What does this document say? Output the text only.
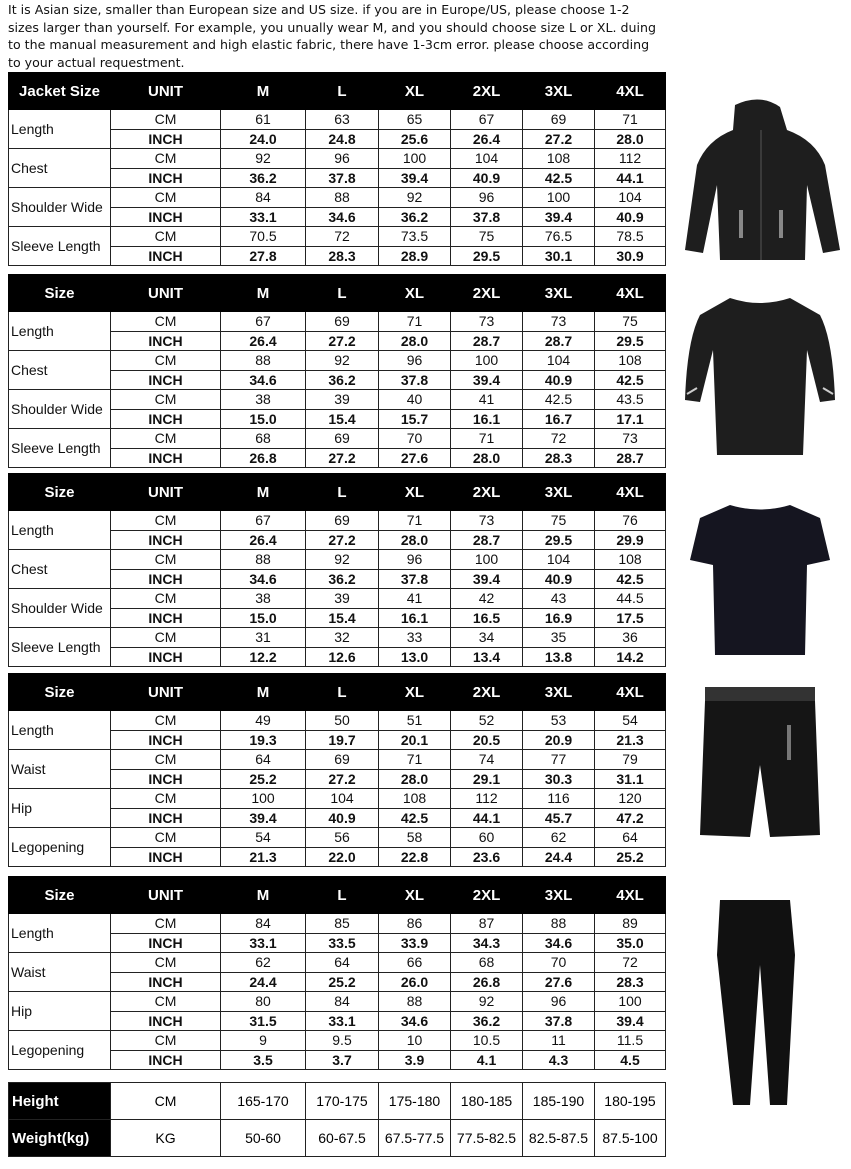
It is Asian size, smaller than European size and US size. if you are in Europe/US, please choose 1-2 sizes larger than yourself. For example, you unually wear M, and you should choose size L or XL. duing to the manual measurement and high elastic fabric, there have 1-3cm error. please choose according to your actual requestment.
Jacket Size	UNIT	M	L	XL	2XL	3XL	4XL
Length	CM	61	63	65	67	69	71
	INCH	24.0	24.8	25.6	26.4	27.2	28.0
Chest	CM	92	96	100	104	108	112
	INCH	36.2	37.8	39.4	40.9	42.5	44.1
Shoulder Wide	CM	84	88	92	96	100	104
	INCH	33.1	34.6	36.2	37.8	39.4	40.9
Sleeve Length	CM	70.5	72	73.5	75	76.5	78.5
	INCH	27.8	28.3	28.9	29.5	30.1	30.9
Size	UNIT	M	L	XL	2XL	3XL	4XL
Length	CM	67	69	71	73	73	75
	INCH	26.4	27.2	28.0	28.7	28.7	29.5
Chest	CM	88	92	96	100	104	108
	INCH	34.6	36.2	37.8	39.4	40.9	42.5
Shoulder Wide	CM	38	39	40	41	42.5	43.5
	INCH	15.0	15.4	15.7	16.1	16.7	17.1
Sleeve Length	CM	68	69	70	71	72	73
	INCH	26.8	27.2	27.6	28.0	28.3	28.7
Size	UNIT	M	L	XL	2XL	3XL	4XL
Length	CM	67	69	71	73	75	76
	INCH	26.4	27.2	28.0	28.7	29.5	29.9
Chest	CM	88	92	96	100	104	108
	INCH	34.6	36.2	37.8	39.4	40.9	42.5
Shoulder Wide	CM	38	39	41	42	43	44.5
	INCH	15.0	15.4	16.1	16.5	16.9	17.5
Sleeve Length	CM	31	32	33	34	35	36
	INCH	12.2	12.6	13.0	13.4	13.8	14.2
Size	UNIT	M	L	XL	2XL	3XL	4XL
Length	CM	49	50	51	52	53	54
	INCH	19.3	19.7	20.1	20.5	20.9	21.3
Waist	CM	64	69	71	74	77	79
	INCH	25.2	27.2	28.0	29.1	30.3	31.1
Hip	CM	100	104	108	112	116	120
	INCH	39.4	40.9	42.5	44.1	45.7	47.2
Legopening	CM	54	56	58	60	62	64
	INCH	21.3	22.0	22.8	23.6	24.4	25.2
Size	UNIT	M	L	XL	2XL	3XL	4XL
Length	CM	84	85	86	87	88	89
	INCH	33.1	33.5	33.9	34.3	34.6	35.0
Waist	CM	62	64	66	68	70	72
	INCH	24.4	25.2	26.0	26.8	27.6	28.3
Hip	CM	80	84	88	92	96	100
	INCH	31.5	33.1	34.6	36.2	37.8	39.4
Legopening	CM	9	9.5	10	10.5	11	11.5
	INCH	3.5	3.7	3.9	4.1	4.3	4.5
Height	CM	165-170	170-175	175-180	180-185	185-190	180-195
Weight(kg)	KG	50-60	60-67.5	67.5-77.5	77.5-82.5	82.5-87.5	87.5-100
